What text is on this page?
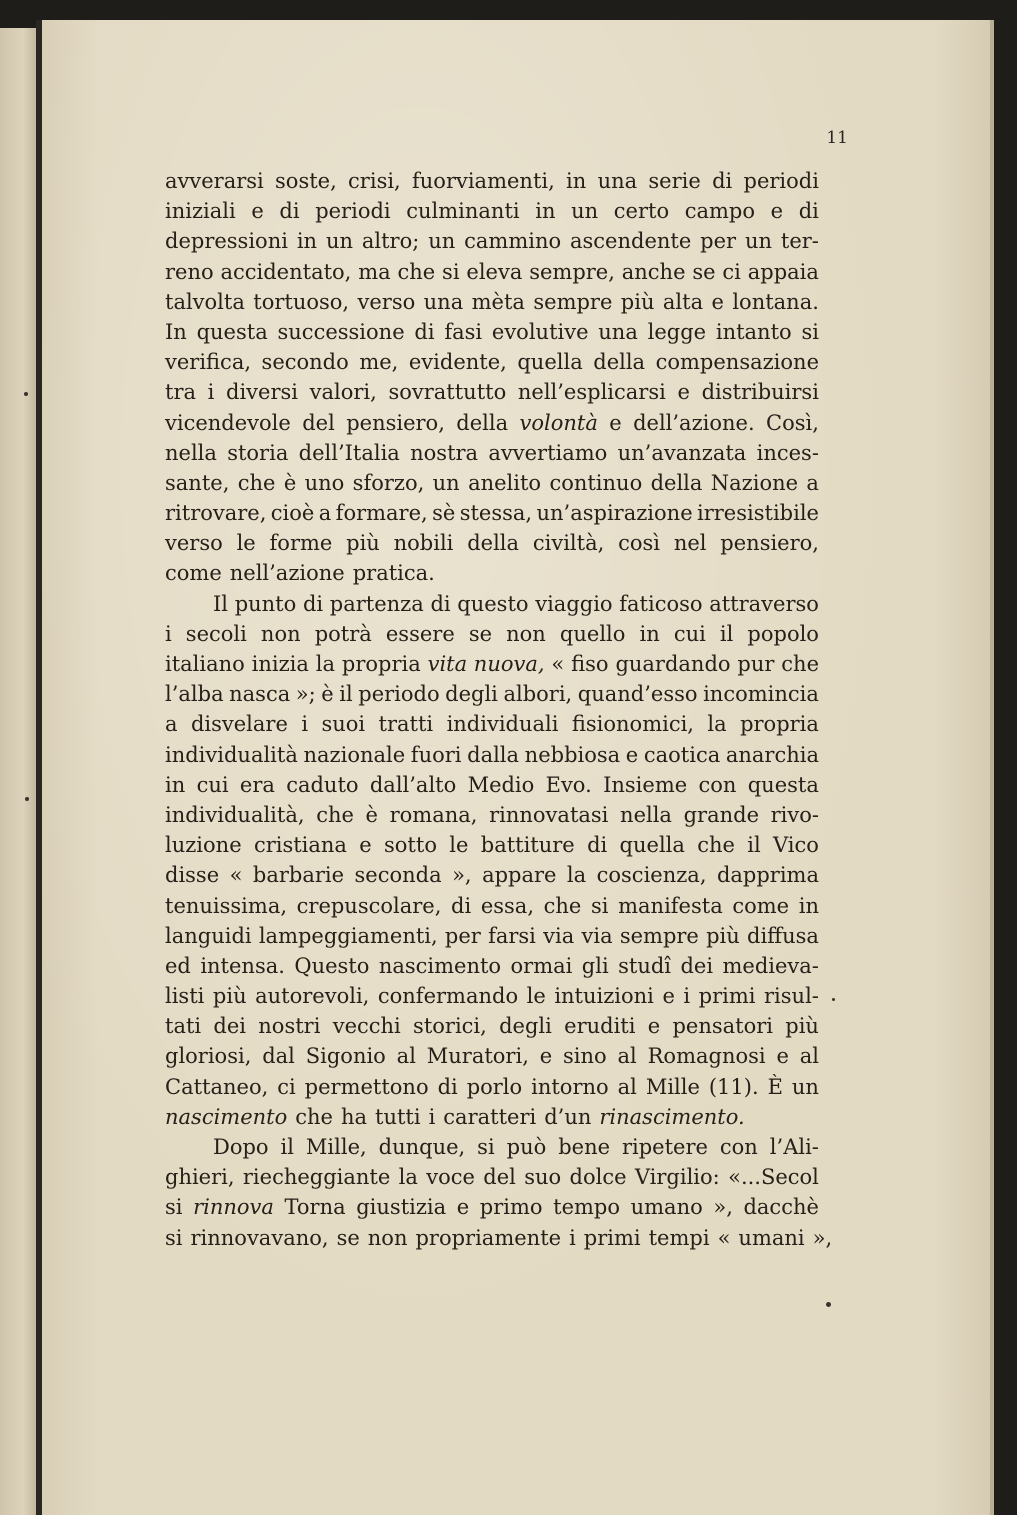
11

avverarsi soste, crisi, fuorviamenti, in una serie di periodi
iniziali e di periodi culminanti in un certo campo e di
depressioni in un altro; un cammino ascendente per un ter-
reno accidentato, ma che si eleva sempre, anche se ci appaia
talvolta tortuoso, verso una mèta sempre più alta e lontana.
In questa successione di fasi evolutive una legge intanto si
verifica, secondo me, evidente, quella della compensazione
tra i diversi valori, sovrattutto nell’esplicarsi e distribuirsi
vicendevole del pensiero, della volontà e dell’azione. Così,
nella storia dell’Italia nostra avvertiamo un’avanzata inces-
sante, che è uno sforzo, un anelito continuo della Nazione a
ritrovare, cioè a formare, sè stessa, un’aspirazione irresistibile
verso le forme più nobili della civiltà, così nel pensiero,
come nell’azione pratica.
Il punto di partenza di questo viaggio faticoso attraverso
i secoli non potrà essere se non quello in cui il popolo
italiano inizia la propria vita nuova, « fiso guardando pur che
l’alba nasca »; è il periodo degli albori, quand’esso incomincia
a disvelare i suoi tratti individuali fisionomici, la propria
individualità nazionale fuori dalla nebbiosa e caotica anarchia
in cui era caduto dall’alto Medio Evo. Insieme con questa
individualità, che è romana, rinnovatasi nella grande rivo-
luzione cristiana e sotto le battiture di quella che il Vico
disse « barbarie seconda », appare la coscienza, dapprima
tenuissima, crepuscolare, di essa, che si manifesta come in
languidi lampeggiamenti, per farsi via via sempre più diffusa
ed intensa. Questo nascimento ormai gli studî dei medieva-
listi più autorevoli, confermando le intuizioni e i primi risul-
tati dei nostri vecchi storici, degli eruditi e pensatori più
gloriosi, dal Sigonio al Muratori, e sino al Romagnosi e al
Cattaneo, ci permettono di porlo intorno al Mille (11). È un
nascimento che ha tutti i caratteri d’un rinascimento.
Dopo il Mille, dunque, si può bene ripetere con l’Ali-
ghieri, riecheggiante la voce del suo dolce Virgilio: «...Secol
si rinnova Torna giustizia e primo tempo umano », dacchè
si rinnovavano, se non propriamente i primi tempi « umani »,
